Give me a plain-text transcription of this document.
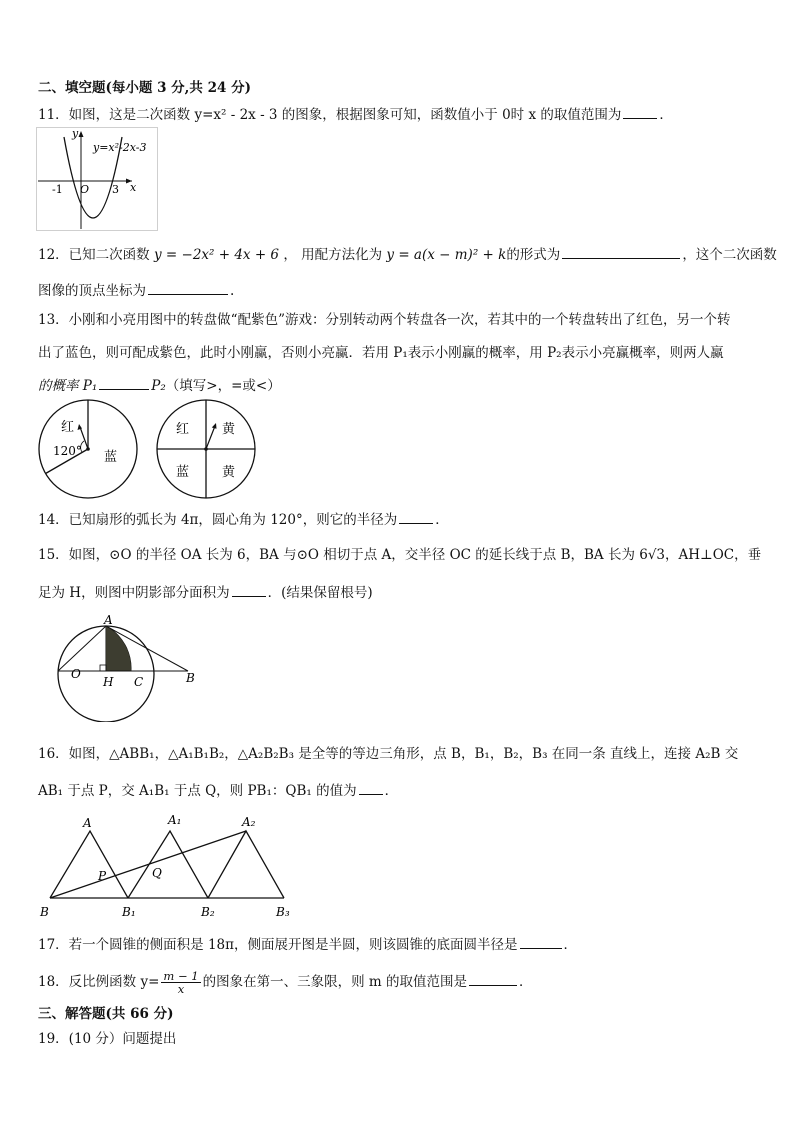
二、填空题(每小题 3 分,共 24 分)
11．如图，这是二次函数 y=x² - 2x - 3 的图象，根据图象可知，函数值小于 0时 x 的取值范围为	．
y
x
y=x²-2x-3
-1 O 3
12．已知二次函数 y = −2x² + 4x + 6 ， 用配方法化为 y = a(x − m)² + k的形式为	，这个二次函数
图像的顶点坐标为	.
13．小刚和小亮用图中的转盘做“配紫色”游戏：分别转动两个转盘各一次，若其中的一个转盘转出了红色，另一个转
出了蓝色，则可配成紫色，此时小刚赢，否则小亮赢．若用 P₁表示小刚赢的概率，用 P₂表示小亮赢概率，则两人赢
的概率 P₁	P₂（填写>，=或<）
红
120° 蓝
红	黄
蓝	黄
14．已知扇形的弧长为 4π，圆心角为 120°，则它的半径为	．
15．如图，⊙O 的半径 OA 长为 6，BA 与⊙O 相切于点 A，交半径 OC 的延长线于点 B，BA 长为 6√3，AH⊥OC，垂
足为 H，则图中阴影部分面积为	．(结果保留根号)
A
O
H C	B
16．如图，△ABB₁，△A₁B₁B₂，△A₂B₂B₃ 是全等的等边三角形，点 B，B₁，B₂，B₃ 在同一条 直线上，连接 A₂B 交
AB₁ 于点 P，交 A₁B₁ 于点 Q，则 PB₁：QB₁ 的值为 ．
A	A₁	A₂
P	Q
B	B₁	B₂	B₃
17．若一个圆锥的侧面积是 18π，侧面展开图是半圆，则该圆锥的底面圆半径是	．
18．反比例函数 $y= \frac{m - 1}{x}$ 的图象在第一、三象限，则 m 的取值范围是	．
三、解答题(共 66 分)
19．(10 分）问题提出
